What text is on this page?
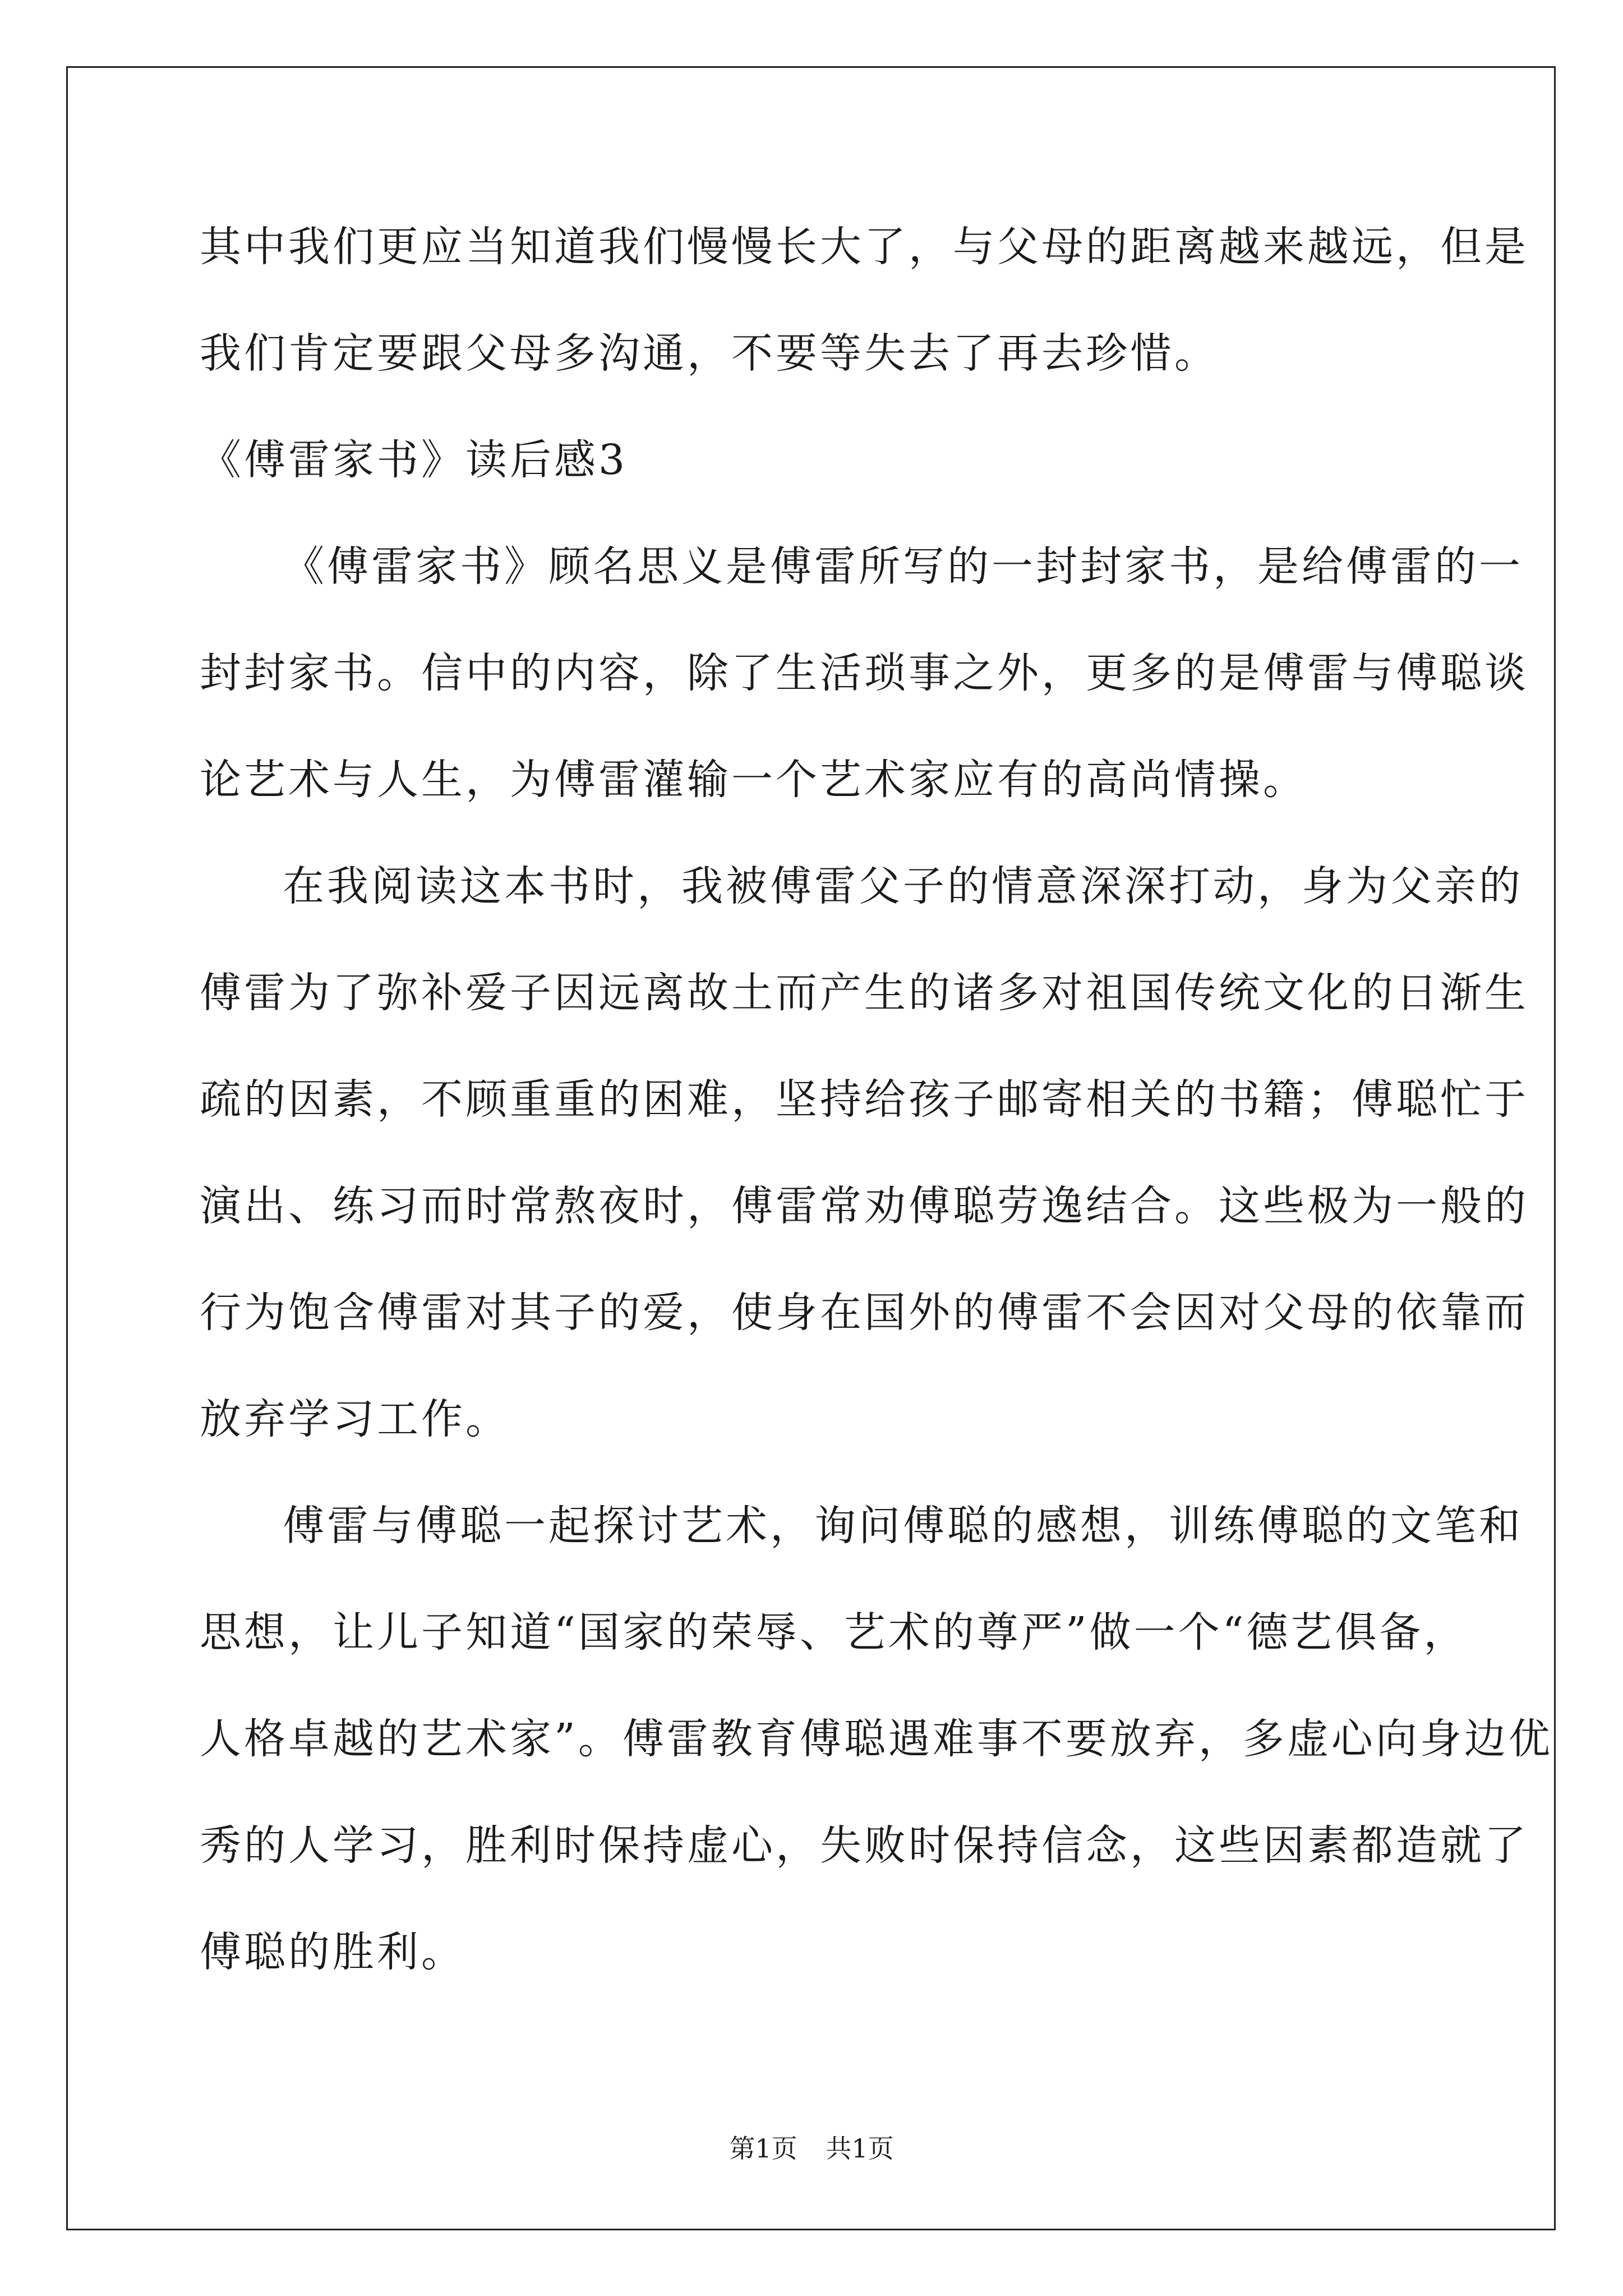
其中我们更应当知道我们慢慢长大了，与父母的距离越来越远，但是
我们肯定要跟父母多沟通，不要等失去了再去珍惜。
《傅雷家书》读后感3
《傅雷家书》顾名思义是傅雷所写的一封封家书，是给傅雷的一
封封家书。信中的内容，除了生活琐事之外，更多的是傅雷与傅聪谈
论艺术与人生，为傅雷灌输一个艺术家应有的高尚情操。
在我阅读这本书时，我被傅雷父子的情意深深打动，身为父亲的
傅雷为了弥补爱子因远离故土而产生的诸多对祖国传统文化的日渐生
疏的因素，不顾重重的困难，坚持给孩子邮寄相关的书籍；傅聪忙于
演出、练习而时常熬夜时，傅雷常劝傅聪劳逸结合。这些极为一般的
行为饱含傅雷对其子的爱，使身在国外的傅雷不会因对父母的依靠而
放弃学习工作。
傅雷与傅聪一起探讨艺术，询问傅聪的感想，训练傅聪的文笔和
思想，让儿子知道“国家的荣辱、艺术的尊严”做一个“德艺俱备，
人格卓越的艺术家”。傅雷教育傅聪遇难事不要放弃，多虚心向身边优
秀的人学习，胜利时保持虚心，失败时保持信念，这些因素都造就了
傅聪的胜利。
第1页 共1页
